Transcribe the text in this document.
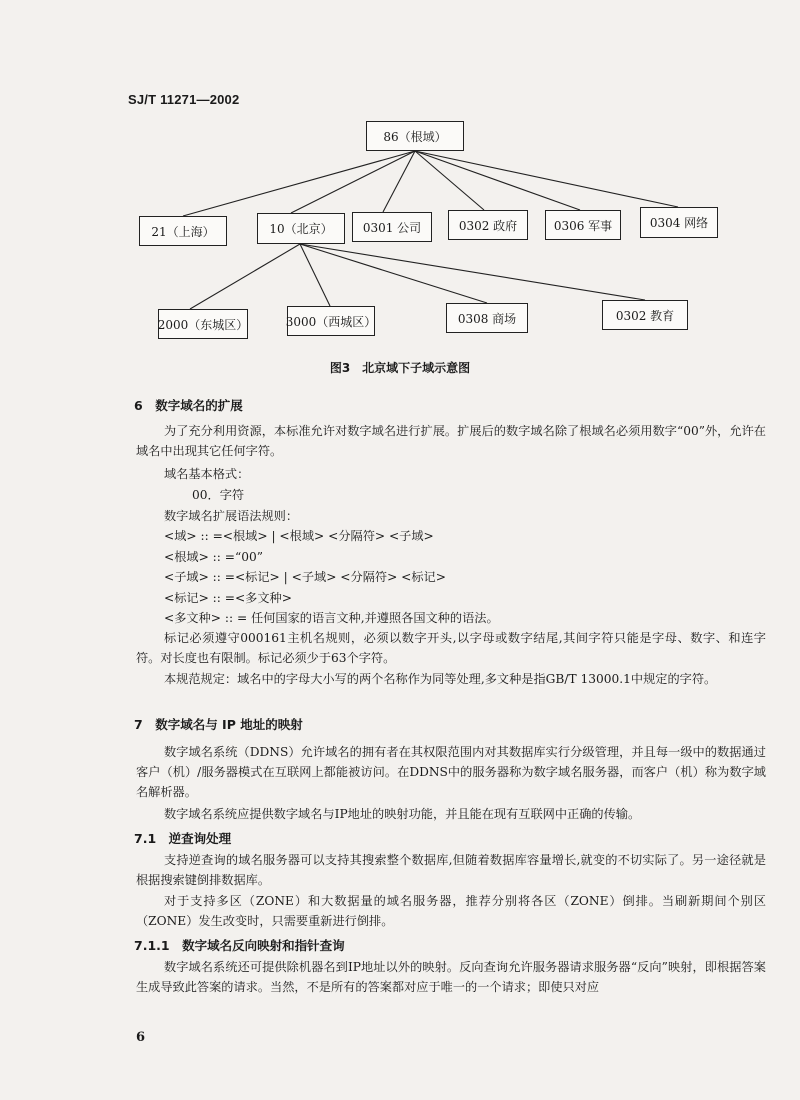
SJ/T 11271—2002
86（根域）
21（上海）	10（北京）	0301 公司	0302 政府	0306 军事	0304 网络
2000（东城区）	3000（西城区）	0308 商场	0302 教育
图3　北京域下子域示意图
6　数字域名的扩展
为了充分利用资源，本标准允许对数字域名进行扩展。扩展后的数字域名除了根域名必须用数字“00”外，允许在域名中出现其它任何字符。
域名基本格式：
00．字符
数字域名扩展语法规则：
<域> :: =<根域> | <根域> <分隔符> <子域>
<根域> :: =“00”
<子域> :: =<标记> | <子域> <分隔符> <标记>
<标记> :: =<多文种>
<多文种> :: = 任何国家的语言文种,并遵照各国文种的语法。
标记必须遵守000161主机名规则，必须以数字开头,以字母或数字结尾,其间字符只能是字母、数字、和连字符。对长度也有限制。标记必须少于63个字符。
本规范规定：域名中的字母大小写的两个名称作为同等处理,多文种是指GB/T 13000.1中规定的字符。
7　数字域名与 IP 地址的映射
数字域名系统（DDNS）允许域名的拥有者在其权限范围内对其数据库实行分级管理，并且每一级中的数据通过客户（机）/服务器模式在互联网上都能被访问。在DDNS中的服务器称为数字域名服务器，而客户（机）称为数字域名解析器。
数字域名系统应提供数字域名与IP地址的映射功能，并且能在现有互联网中正确的传输。
7.1　逆查询处理
支持逆查询的域名服务器可以支持其搜索整个数据库,但随着数据库容量增长,就变的不切实际了。另一途径就是根据搜索键倒排数据库。
对于支持多区（ZONE）和大数据量的域名服务器，推荐分别将各区（ZONE）倒排。当刷新期间个别区（ZONE）发生改变时，只需要重新进行倒排。
7.1.1　数字域名反向映射和指针查询
数字域名系统还可提供除机器名到IP地址以外的映射。反向查询允许服务器请求服务器“反向”映射，即根据答案生成导致此答案的请求。当然，不是所有的答案都对应于唯一的一个请求；即使只对应
6
